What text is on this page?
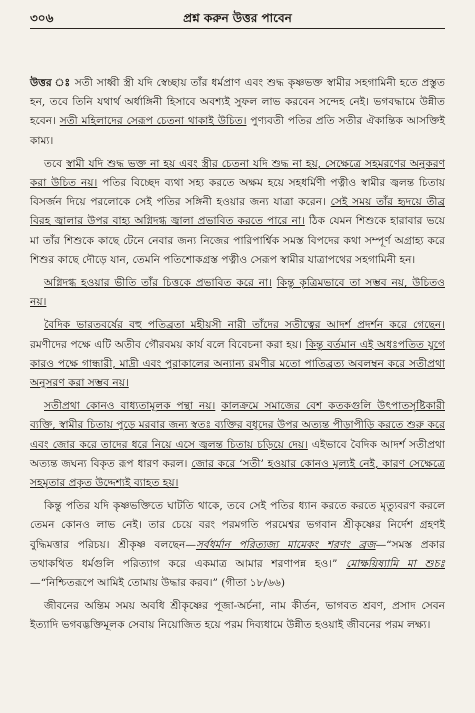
৩০৬	প্রশ্ন করুন উত্তর পাবেন

উত্তর ঃ সতী সাধ্বী স্ত্রী যদি স্বেচ্ছায় তাঁর ধর্মপ্রাণ এবং শুদ্ধ কৃষ্ণভক্ত স্বামীর সহগামিনী হতে প্রস্তুত হন, তবে তিনি যথার্থ অর্ধাঙ্গিনী হিসাবে অবশ্যই সুফল লাভ করবেন সন্দেহ নেই। ভগবদ্ধামে উন্নীত হবেন। সতী মহিলাদের সেরূপ চেতনা থাকাই উচিত। পুণ্যবতী পতির প্রতি সতীর ঐকান্তিক আসক্তিই কাম্য।

তবে স্বামী যদি শুদ্ধ ভক্ত না হয় এবং স্ত্রীর চেতনা যদি শুদ্ধ না হয়, সেক্ষেত্রে সহমরণের অনুকরণ করা উচিত নয়। পতির বিচ্ছেদ ব্যথা সহ্য করতে অক্ষম হয়ে সহধর্মিণী পত্নীও স্বামীর জ্বলন্ত চিতায় বিসর্জন দিয়ে পরলোকে সেই পতির সঙ্গিনী হওয়ার জন্য যাত্রা করেন। সেই সময় তাঁর হৃদয়ে তীব্র বিরহ জ্বালার উপর বাহ্য অগ্নিদগ্ধ জ্বালা প্রভাবিত করতে পারে না। ঠিক যেমন শিশুকে হারাবার ভয়ে মা তাঁর শিশুকে কাছে টেনে নেবার জন্য নিজের পারিপার্শ্বিক সমস্ত বিপদের কথা সম্পূর্ণ অগ্রাহ্য করে শিশুর কাছে দৌড়ে যান, তেমনি পতিশোকগ্রস্ত পত্নীও সেরূপ স্বামীর যাত্রাপথের সহগামিনী হন।

অগ্নিদগ্ধ হওয়ার ভীতি তাঁর চিত্তকে প্রভাবিত করে না। কিন্তু কৃত্রিমভাবে তা সম্ভব নয়, উচিতও নয়।

বৈদিক ভারতবর্ষের বহু পতিব্রতা মহীয়সী নারী তাঁদের সতীত্বের আদর্শ প্রদর্শন করে গেছেন। রমণীদের পক্ষে এটি অতীব গৌরবময় কার্য বলে বিবেচনা করা হয়। কিন্তু বর্তমান এই অধঃপতিত যুগে কারও পক্ষে গান্ধারী, মাদ্রী এবং পুরাকালের অন্যান্য রমণীর মতো পাতিব্রত্য অবলম্বন করে সতীপ্রথা অনুসরণ করা সম্ভব নয়।

সতীপ্রথা কোনও বাধ্যতামূলক পন্থা নয়। কালক্রমে সমাজের বেশ কতকগুলি উৎপাতসৃষ্টিকারী ব্যক্তি, স্বামীর চিতায় পুড়ে মরবার জন্য স্বতঃ ব্যক্তির বধূদের উপর অত্যন্ত পীড়াপীড়ি করতে শুরু করে এবং জোর করে তাদের ধরে নিয়ে এসে জ্বলন্ত চিতায় চড়িয়ে দেয়। এইভাবে বৈদিক আদর্শ সতীপ্রথা অত্যন্ত জঘন্য বিকৃত রূপ ধারণ করল। জোর করে ‘সতী’ হওয়ার কোনও মূল্যই নেই, কারণ সেক্ষেত্রে সহমৃতার প্রকৃত উদ্দেশ্যই ব্যাহত হয়।

কিন্তু পতির যদি কৃষ্ণভক্তিতে ঘাটতি থাকে, তবে সেই পতির ধ্যান করতে করতে মৃত্যুবরণ করলে তেমন কোনও লাভ নেই। তার চেয়ে বরং পরমগতি পরমেশ্বর ভগবান শ্রীকৃষ্ণের নির্দেশ গ্রহণই বুদ্ধিমত্তার পরিচয়। শ্রীকৃষ্ণ বলছেন—সর্বধর্মান পরিত্যজ্য মামেকং শরণং ব্রজ—“সমস্ত প্রকার তথাকথিত ধর্মগুলি পরিত্যাগ করে একমাত্র আমার শরণাপন্ন হও।” মোক্ষয়িষ্যামি মা শুচঃ—“নিশ্চিতরূপে আমিই তোমায় উদ্ধার করব।” (গীতা ১৮/৬৬)

জীবনের অন্তিম সময় অবধি শ্রীকৃষ্ণের পূজা-অর্চনা, নাম কীর্তন, ভাগবত শ্রবণ, প্রসাদ সেবন ইত্যাদি ভগবদ্ভক্তিমূলক সেবায় নিয়োজিত হয়ে পরম দিব্যধামে উন্নীত হওয়াই জীবনের পরম লক্ষ্য।
